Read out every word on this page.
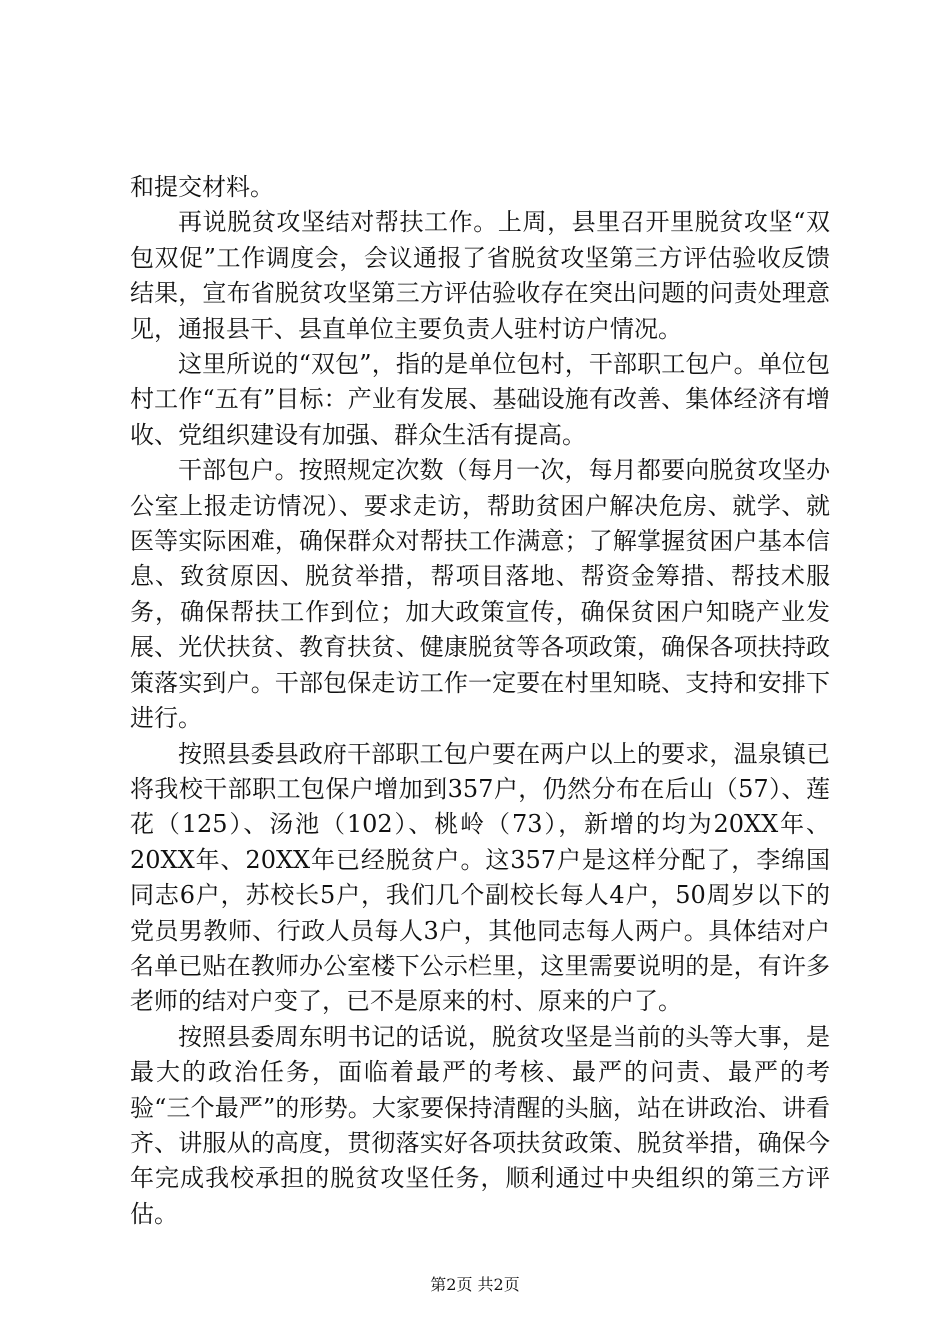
和提交材料。

再说脱贫攻坚结对帮扶工作。上周，县里召开里脱贫攻坚“双包双促”工作调度会，会议通报了省脱贫攻坚第三方评估验收反馈结果，宣布省脱贫攻坚第三方评估验收存在突出问题的问责处理意见，通报县干、县直单位主要负责人驻村访户情况。

这里所说的“双包”，指的是单位包村，干部职工包户。单位包村工作“五有”目标：产业有发展、基础设施有改善、集体经济有增收、党组织建设有加强、群众生活有提高。

干部包户。按照规定次数（每月一次，每月都要向脱贫攻坚办公室上报走访情况）、要求走访，帮助贫困户解决危房、就学、就医等实际困难，确保群众对帮扶工作满意；了解掌握贫困户基本信息、致贫原因、脱贫举措，帮项目落地、帮资金筹措、帮技术服务，确保帮扶工作到位；加大政策宣传，确保贫困户知晓产业发展、光伏扶贫、教育扶贫、健康脱贫等各项政策，确保各项扶持政策落实到户。干部包保走访工作一定要在村里知晓、支持和安排下进行。

按照县委县政府干部职工包户要在两户以上的要求，温泉镇已将我校干部职工包保户增加到357户，仍然分布在后山（57）、莲花（125）、汤池（102）、桃岭（73），新增的均为20XX年、20XX年、20XX年已经脱贫户。这357户是这样分配了，李绵国同志6户，苏校长5户，我们几个副校长每人4户，50周岁以下的党员男教师、行政人员每人3户，其他同志每人两户。具体结对户名单已贴在教师办公室楼下公示栏里，这里需要说明的是，有许多老师的结对户变了，已不是原来的村、原来的户了。

按照县委周东明书记的话说，脱贫攻坚是当前的头等大事，是最大的政治任务，面临着最严的考核、最严的问责、最严的考验“三个最严”的形势。大家要保持清醒的头脑，站在讲政治、讲看齐、讲服从的高度，贯彻落实好各项扶贫政策、脱贫举措，确保今年完成我校承担的脱贫攻坚任务，顺利通过中央组织的第三方评估。

第2页 共2页
